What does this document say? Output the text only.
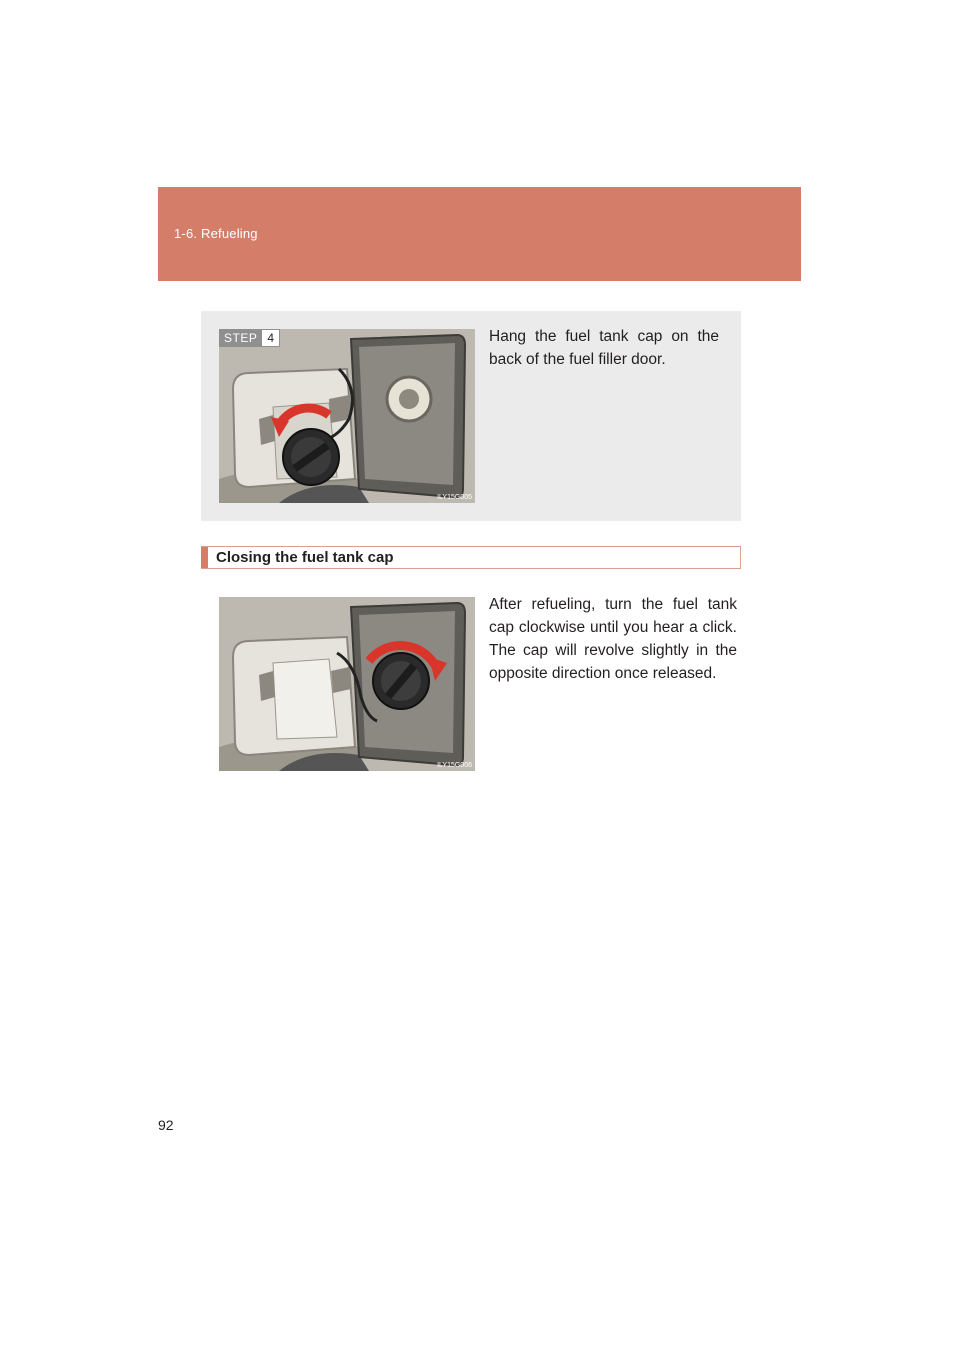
1-6. Refueling
STEP 4
ILY15G005
Hang the fuel tank cap on the back of the fuel filler door.
Closing the fuel tank cap
ILY15G006
After refueling, turn the fuel tank cap clockwise until you hear a click. The cap will revolve slightly in the opposite direction once released.
92
